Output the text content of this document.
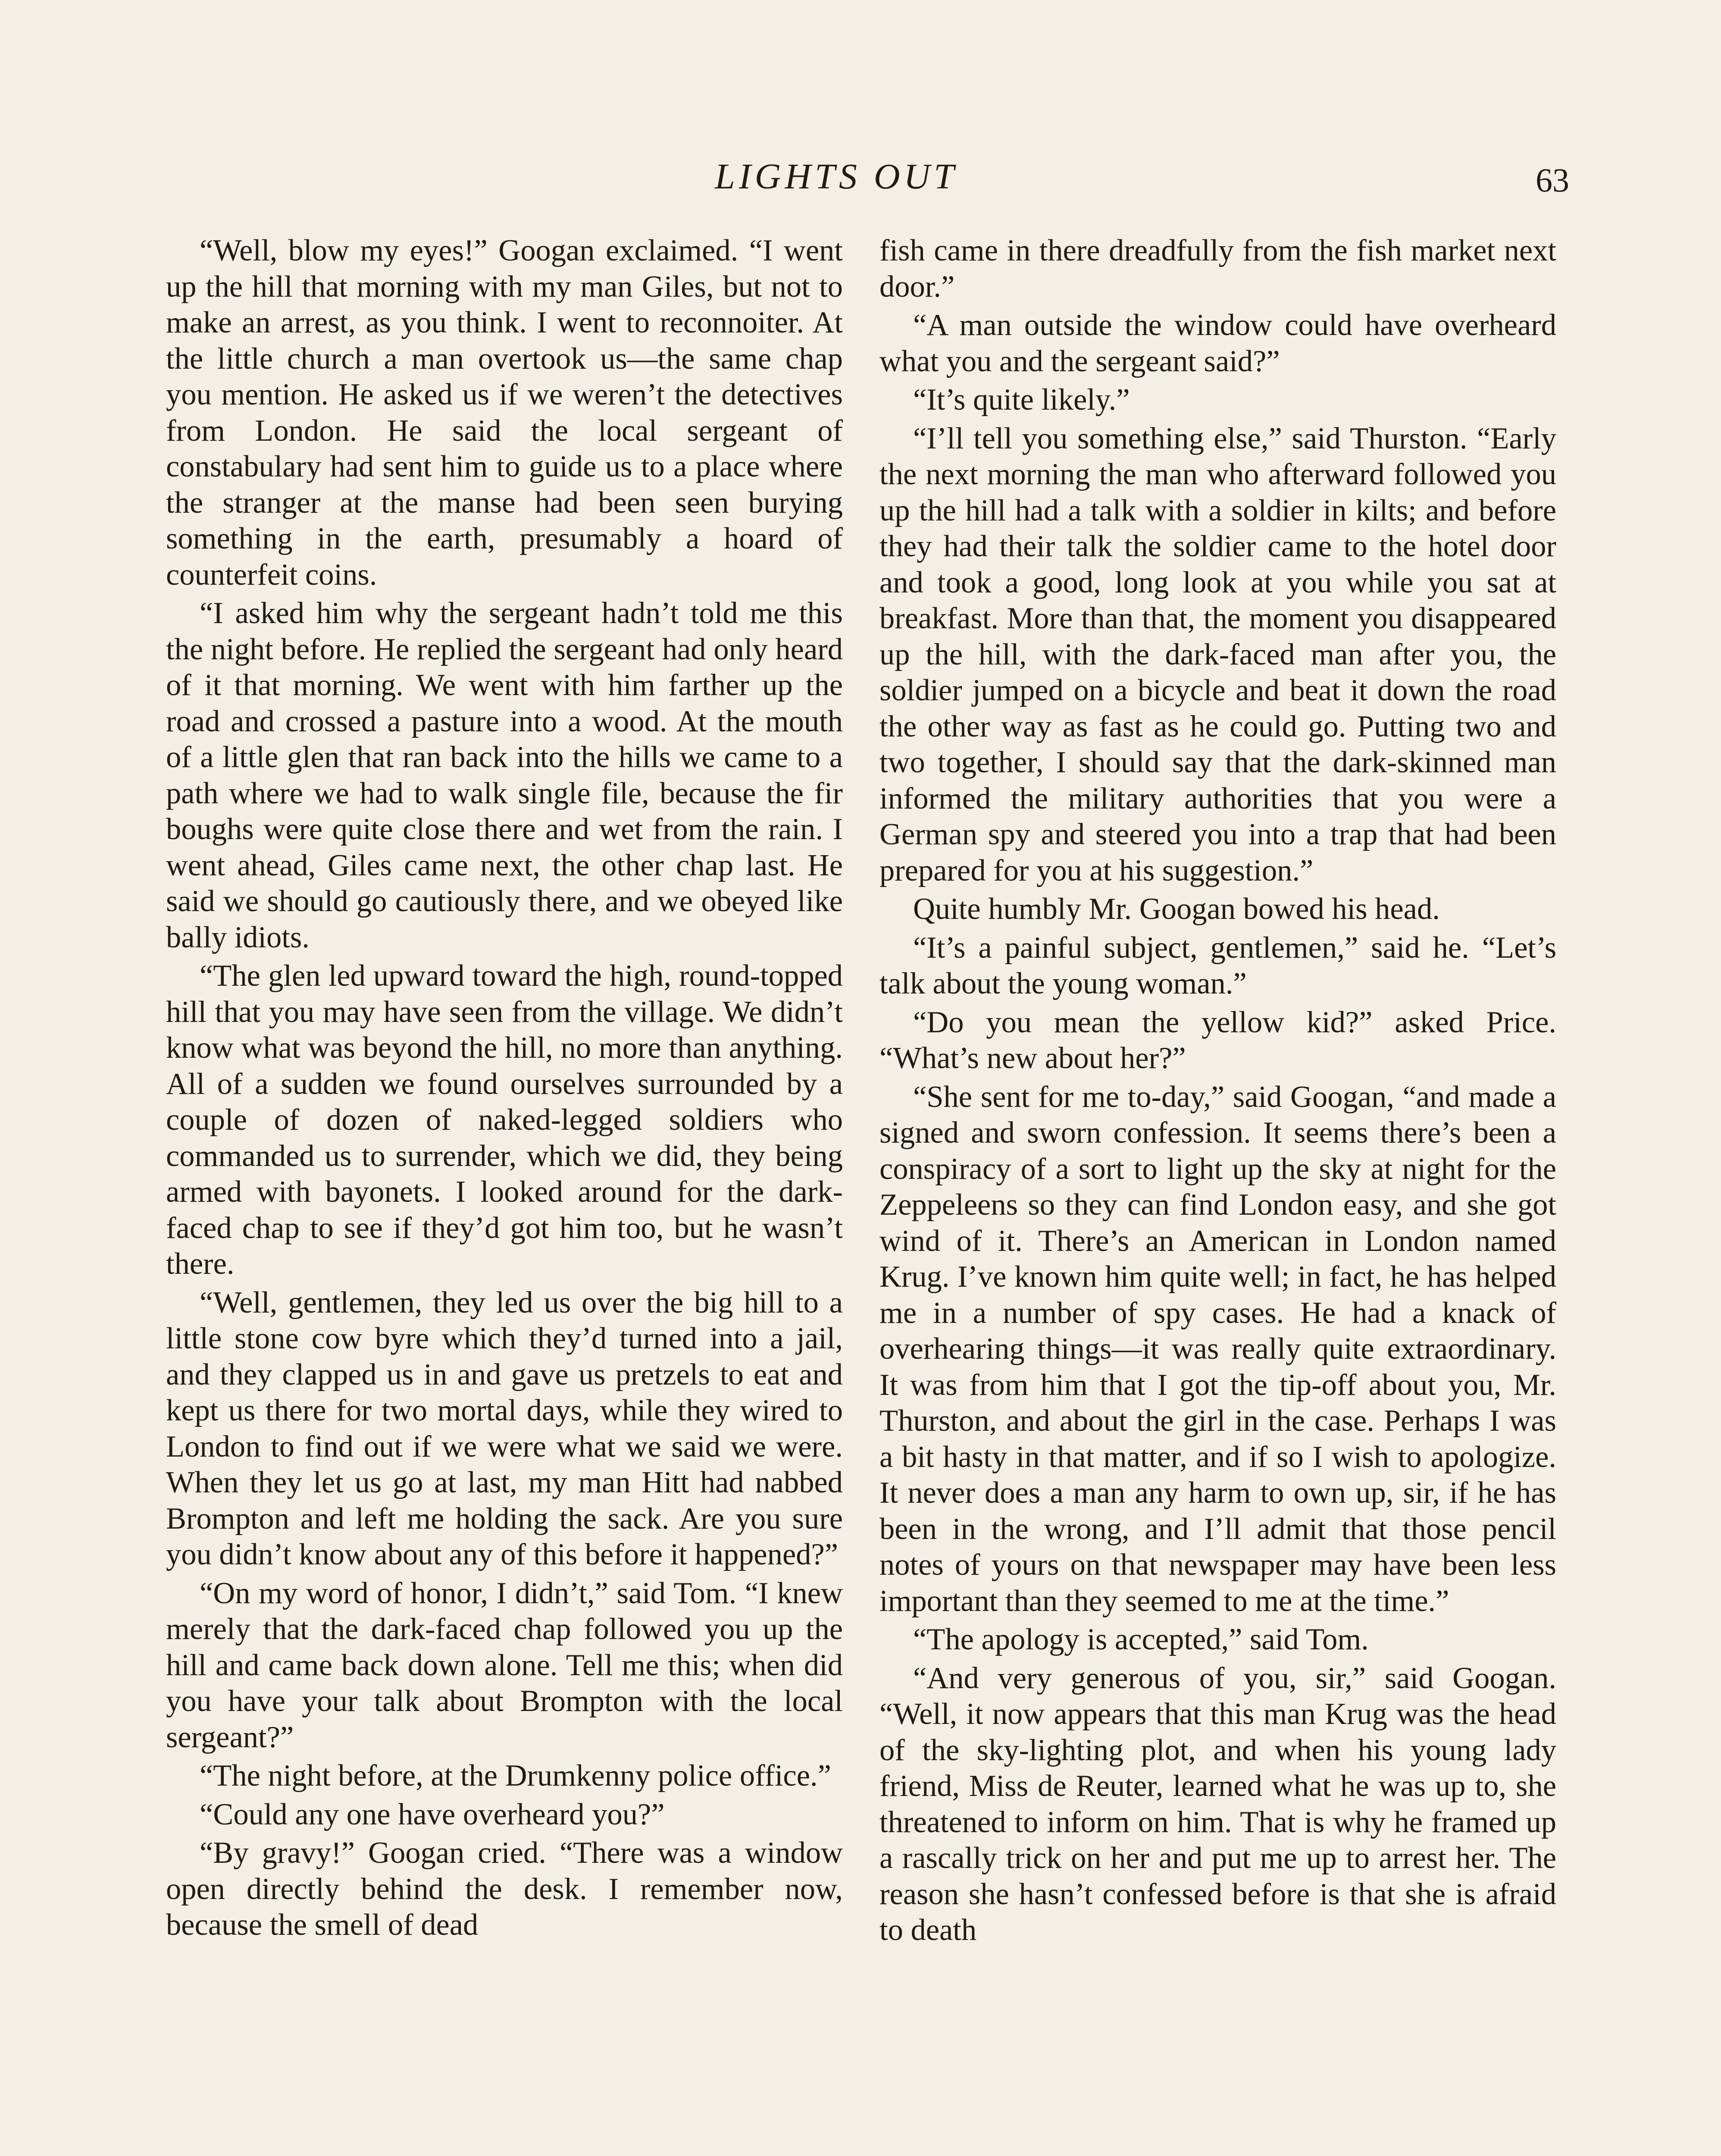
LIGHTS OUT	63

“Well, blow my eyes!” Googan exclaimed. “I went up the hill that morning with my man Giles, but not to make an arrest, as you think. I went to reconnoiter. At the little church a man overtook us—the same chap you mention. He asked us if we weren’t the detectives from London. He said the local sergeant of constabulary had sent him to guide us to a place where the stranger at the manse had been seen burying something in the earth, presumably a hoard of counterfeit coins.

“I asked him why the sergeant hadn’t told me this the night before. He replied the sergeant had only heard of it that morning. We went with him farther up the road and crossed a pasture into a wood. At the mouth of a little glen that ran back into the hills we came to a path where we had to walk single file, because the fir boughs were quite close there and wet from the rain. I went ahead, Giles came next, the other chap last. He said we should go cautiously there, and we obeyed like bally idiots.

“The glen led upward toward the high, round-topped hill that you may have seen from the village. We didn’t know what was beyond the hill, no more than anything. All of a sudden we found ourselves surrounded by a couple of dozen of naked-legged soldiers who commanded us to surrender, which we did, they being armed with bayonets. I looked around for the dark-faced chap to see if they’d got him too, but he wasn’t there.

“Well, gentlemen, they led us over the big hill to a little stone cow byre which they’d turned into a jail, and they clapped us in and gave us pretzels to eat and kept us there for two mortal days, while they wired to London to find out if we were what we said we were. When they let us go at last, my man Hitt had nabbed Brompton and left me holding the sack. Are you sure you didn’t know about any of this before it happened?”

“On my word of honor, I didn’t,” said Tom. “I knew merely that the dark-faced chap followed you up the hill and came back down alone. Tell me this; when did you have your talk about Brompton with the local sergeant?”

“The night before, at the Drumkenny police office.”

“Could any one have overheard you?”

“By gravy!” Googan cried. “There was a window open directly behind the desk. I remember now, because the smell of dead

fish came in there dreadfully from the fish market next door.”

“A man outside the window could have overheard what you and the sergeant said?”

“It’s quite likely.”

“I’ll tell you something else,” said Thurston. “Early the next morning the man who afterward followed you up the hill had a talk with a soldier in kilts; and before they had their talk the soldier came to the hotel door and took a good, long look at you while you sat at breakfast. More than that, the moment you disappeared up the hill, with the dark-faced man after you, the soldier jumped on a bicycle and beat it down the road the other way as fast as he could go. Putting two and two together, I should say that the dark-skinned man informed the military authorities that you were a German spy and steered you into a trap that had been prepared for you at his suggestion.”

Quite humbly Mr. Googan bowed his head.

“It’s a painful subject, gentlemen,” said he. “Let’s talk about the young woman.”

“Do you mean the yellow kid?” asked Price. “What’s new about her?”

“She sent for me to-day,” said Googan, “and made a signed and sworn confession. It seems there’s been a conspiracy of a sort to light up the sky at night for the Zeppeleens so they can find London easy, and she got wind of it. There’s an American in London named Krug. I’ve known him quite well; in fact, he has helped me in a number of spy cases. He had a knack of overhearing things—it was really quite extraordinary. It was from him that I got the tip-off about you, Mr. Thurston, and about the girl in the case. Perhaps I was a bit hasty in that matter, and if so I wish to apologize. It never does a man any harm to own up, sir, if he has been in the wrong, and I’ll admit that those pencil notes of yours on that newspaper may have been less important than they seemed to me at the time.”

“The apology is accepted,” said Tom.

“And very generous of you, sir,” said Googan. “Well, it now appears that this man Krug was the head of the sky-lighting plot, and when his young lady friend, Miss de Reuter, learned what he was up to, she threatened to inform on him. That is why he framed up a rascally trick on her and put me up to arrest her. The reason she hasn’t confessed before is that she is afraid to death
